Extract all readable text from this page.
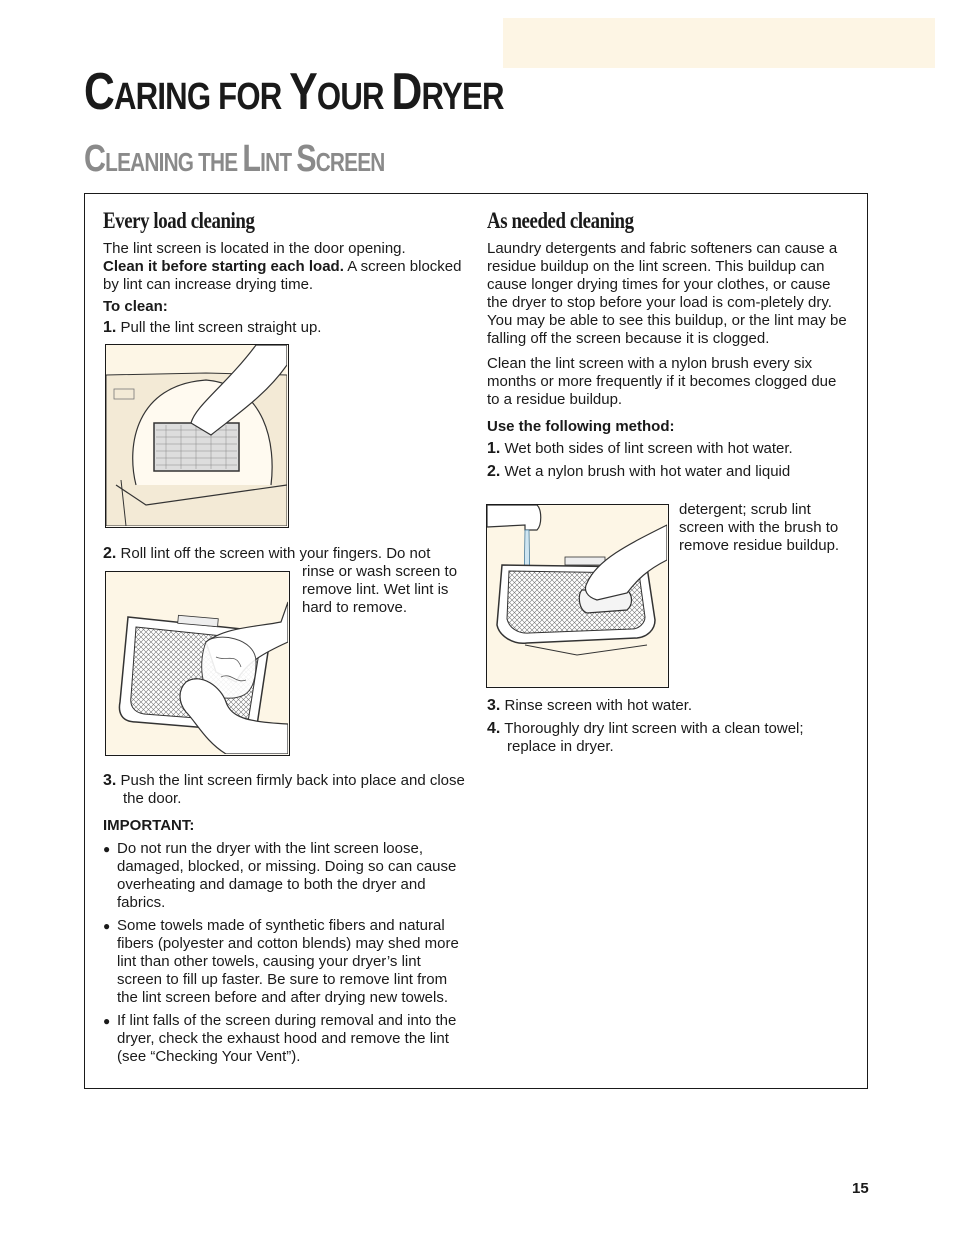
CARING FOR YOUR DRYER
CLEANING THE LINT SCREEN
Every load cleaning

The lint screen is located in the door opening.
Clean it before starting each load. A screen blocked by lint can increase drying time.

To clean:

1. Pull the lint screen straight up.

2. Roll lint off the screen with your fingers. Do not

rinse or wash screen to remove lint. Wet lint is hard to remove.

3. Push the lint screen firmly back into place and close the door.

IMPORTANT:

● Do not run the dryer with the lint screen loose, damaged, blocked, or missing. Doing so can cause overheating and damage to both the dryer and fabrics.

● Some towels made of synthetic fibers and natural fibers (polyester and cotton blends) may shed more lint than other towels, causing your dryer’s lint screen to fill up faster. Be sure to remove lint from the lint screen before and after drying new towels.

● If lint falls of the screen during removal and into the dryer, check the exhaust hood and remove the lint (see “Checking Your Vent”).

As needed cleaning

Laundry detergents and fabric softeners can cause a residue buildup on the lint screen. This buildup can cause longer drying times for your clothes, or cause the dryer to stop before your load is com-pletely dry. You may be able to see this buildup, or the lint may be falling off the screen because it is clogged.

Clean the lint screen with a nylon brush every six months or more frequently if it becomes clogged due to a residue buildup.

Use the following method:

1. Wet both sides of lint screen with hot water.

2. Wet a nylon brush with hot water and liquid

detergent; scrub lint screen with the brush to remove residue buildup.

3. Rinse screen with hot water.

4. Thoroughly dry lint screen with a clean towel; replace in dryer.

15
